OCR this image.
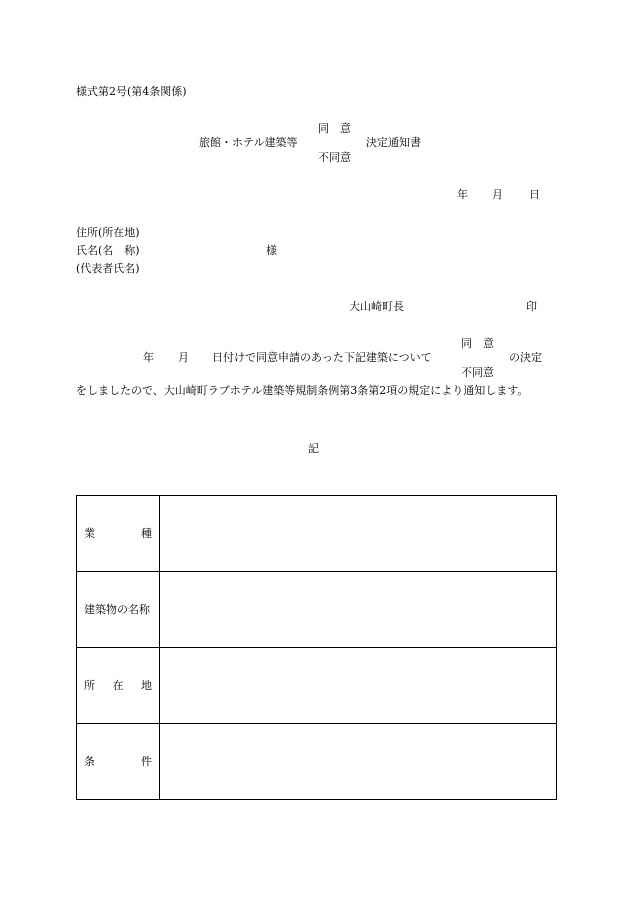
様式第2号(第4条関係)
同　意
旅館・ホテル建築等	決定通知書
不同意
年 月 日
住所(所在地)
氏名(名　称)	様
(代表者氏名)
大山崎町長	印
同　意
年 月 日付けで同意申請のあった下記建築について	の決定
不同意
をしましたので、大山崎町ラブホテル建築等規制条例第3条第2項の規定により通知します。
記
業 種	

建築物の名称	

所 在 地	

条 件	
